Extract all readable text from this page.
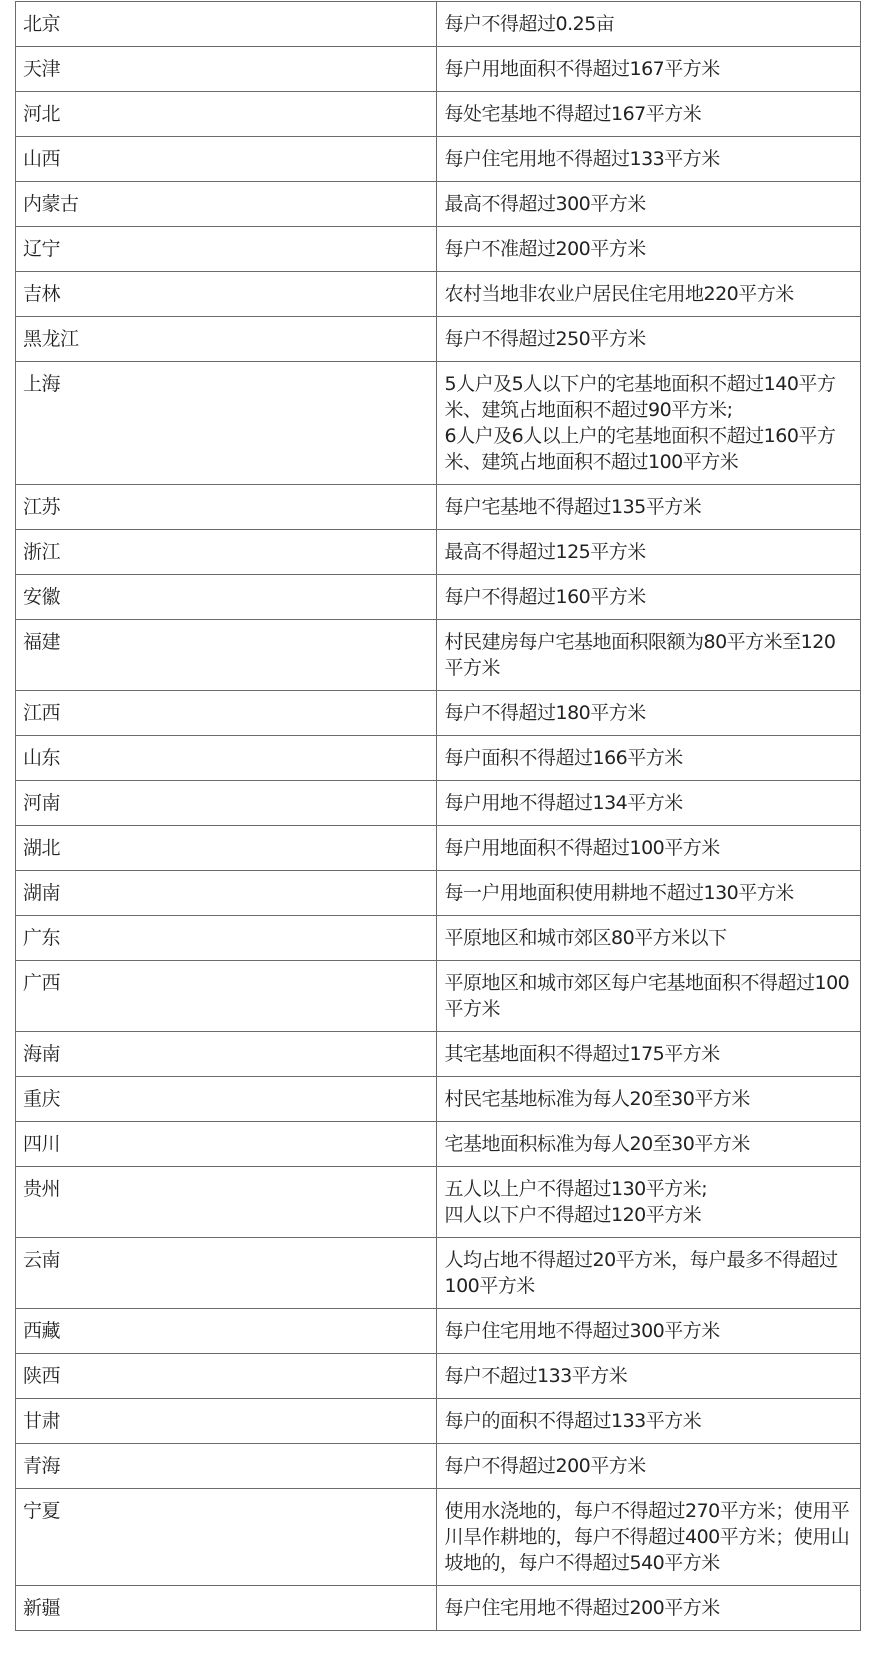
北京	每户不得超过0.25亩
天津	每户用地面积不得超过167平方米
河北	每处宅基地不得超过167平方米
山西	每户住宅用地不得超过133平方米
内蒙古	最高不得超过300平方米
辽宁	每户不准超过200平方米
吉林	农村当地非农业户居民住宅用地220平方米
黑龙江	每户不得超过250平方米
上海	5人户及5人以下户的宅基地面积不超过140平方米、建筑占地面积不超过90平方米;
6人户及6人以上户的宅基地面积不超过160平方米、建筑占地面积不超过100平方米
江苏	每户宅基地不得超过135平方米
浙江	最高不得超过125平方米
安徽	每户不得超过160平方米
福建	村民建房每户宅基地面积限额为80平方米至120平方米
江西	每户不得超过180平方米
山东	每户面积不得超过166平方米
河南	每户用地不得超过134平方米
湖北	每户用地面积不得超过100平方米
湖南	每一户用地面积使用耕地不超过130平方米
广东	平原地区和城市郊区80平方米以下
广西	平原地区和城市郊区每户宅基地面积不得超过100平方米
海南	其宅基地面积不得超过175平方米
重庆	村民宅基地标准为每人20至30平方米
四川	宅基地面积标准为每人20至30平方米
贵州	五人以上户不得超过130平方米;
四人以下户不得超过120平方米
云南	人均占地不得超过20平方米，每户最多不得超过100平方米
西藏	每户住宅用地不得超过300平方米
陕西	每户不超过133平方米
甘肃	每户的面积不得超过133平方米
青海	每户不得超过200平方米
宁夏	使用水浇地的，每户不得超过270平方米；使用平川旱作耕地的，每户不得超过400平方米；使用山坡地的，每户不得超过540平方米
新疆	每户住宅用地不得超过200平方米
